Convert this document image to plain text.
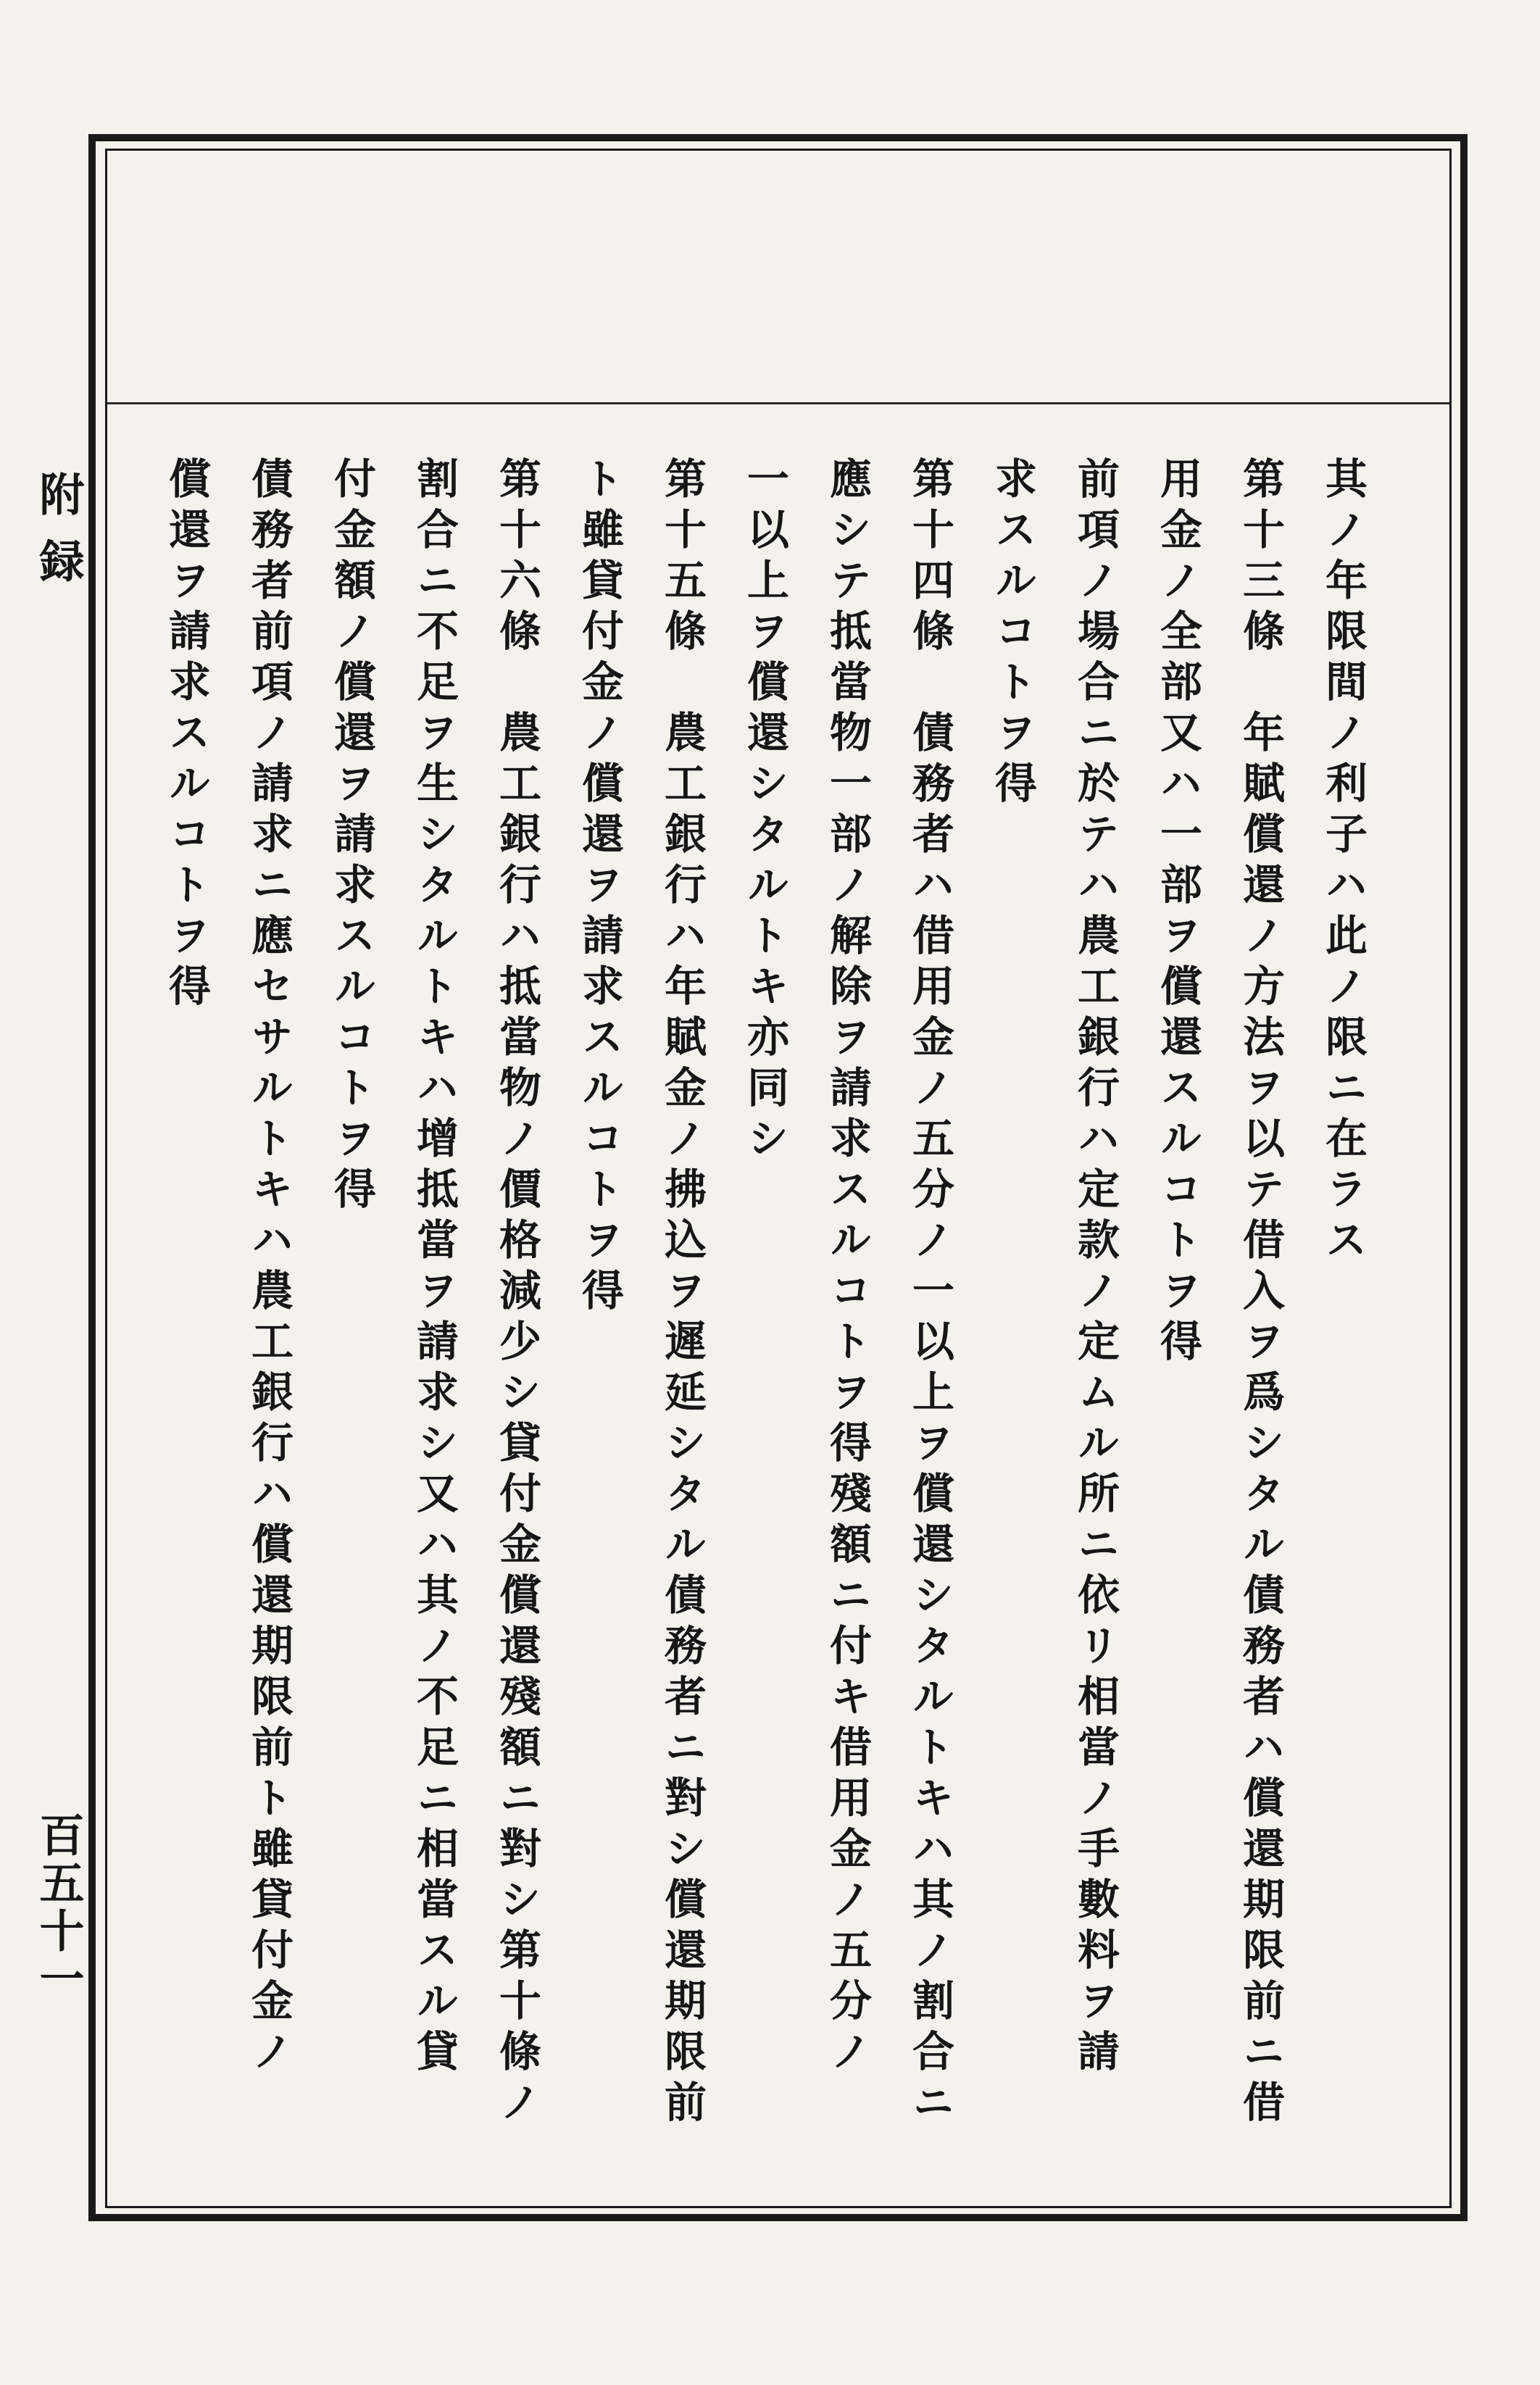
附録
百五十一
其ノ年限間ノ利子ハ此ノ限ニ在ラス
第十三條　年賦償還ノ方法ヲ以テ借入ヲ爲シタル債務者ハ償還期限前ニ借
用金ノ全部又ハ一部ヲ償還スルコトヲ得
前項ノ場合ニ於テハ農工銀行ハ定款ノ定ムル所ニ依リ相當ノ手數料ヲ請
求スルコトヲ得
第十四條　債務者ハ借用金ノ五分ノ一以上ヲ償還シタルトキハ其ノ割合ニ
應シテ抵當物一部ノ解除ヲ請求スルコトヲ得殘額ニ付キ借用金ノ五分ノ
一以上ヲ償還シタルトキ亦同シ
第十五條　農工銀行ハ年賦金ノ拂込ヲ遲延シタル債務者ニ對シ償還期限前
ト雖貸付金ノ償還ヲ請求スルコトヲ得
第十六條　農工銀行ハ抵當物ノ價格減少シ貸付金償還殘額ニ對シ第十條ノ
割合ニ不足ヲ生シタルトキハ增抵當ヲ請求シ又ハ其ノ不足ニ相當スル貸
付金額ノ償還ヲ請求スルコトヲ得
債務者前項ノ請求ニ應セサルトキハ農工銀行ハ償還期限前ト雖貸付金ノ
償還ヲ請求スルコトヲ得
